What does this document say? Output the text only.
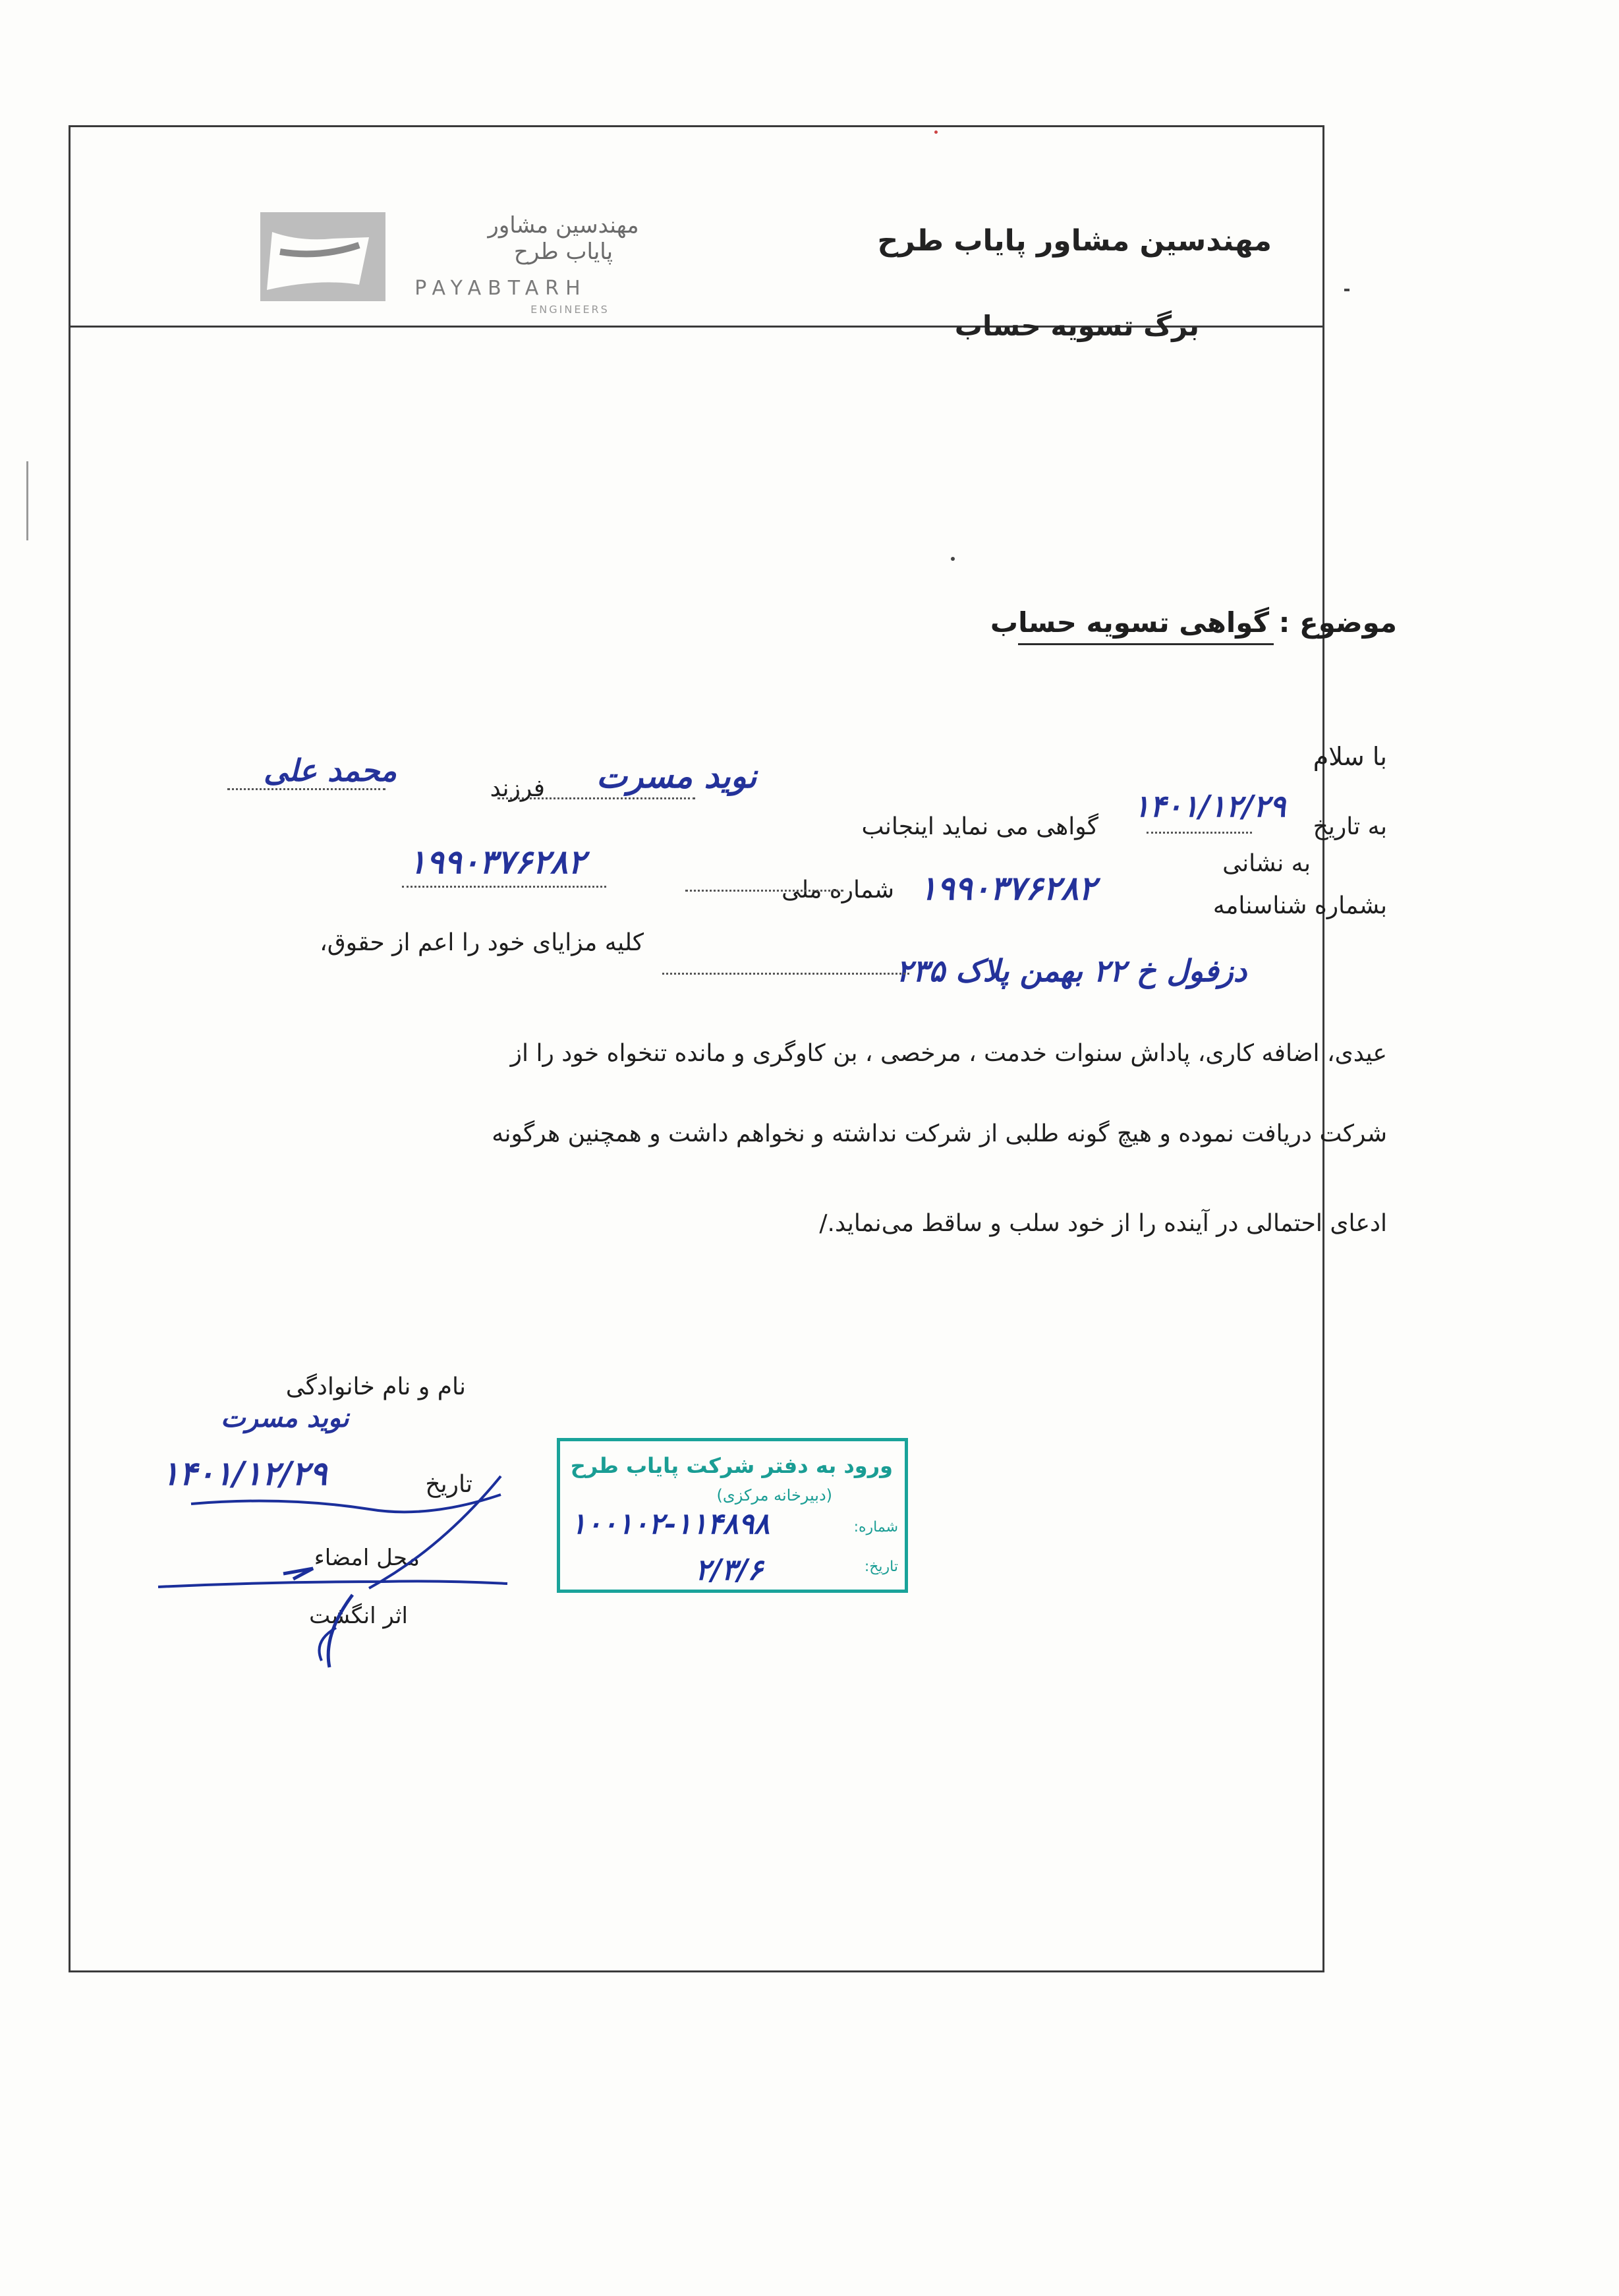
مهندسین مشاور پایاب طرح
PAYABTARH
ENGINEERS
مهندسین مشاور پایاب طرح
برگ تسویه حساب
موضوع : گواهی تسویه حساب
با سلام
به تاریخ
۱۴۰۱/۱۲/۲۹
گواهی می نماید اینجانب
نوید مسرت
فرزند
محمد علی
بشماره شناسنامه
۱۹۹۰۳۷۶۲۸۲
شماره ملی
۱۹۹۰۳۷۶۲۸۲	به نشانی
دزفول خ ۲۲ بهمن پلاک ۲۳۵
کلیه مزایای خود را اعم از حقوق،
عیدی، اضافه کاری، پاداش سنوات خدمت ، مرخصی ، بن کاوگری و مانده تنخواه خود را از
شرکت دریافت نموده و هیچ گونه طلبی از شرکت نداشته و نخواهم داشت و همچنین هرگونه
ادعای احتمالی در آینده را از خود سلب و ساقط می‌نماید./
نام و نام خانوادگی
نوید مسرت
۱۴۰۱/۱۲/۲۹	تاریخ
محل امضاء
اثر انگشت
ورود به دفتر شرکت پایاب طرح
(دبیرخانه مرکزی)
شماره:
تاریخ:
۱۰۰۱۰۲-۱۱۴۸۹۸
۲/۳/۶
